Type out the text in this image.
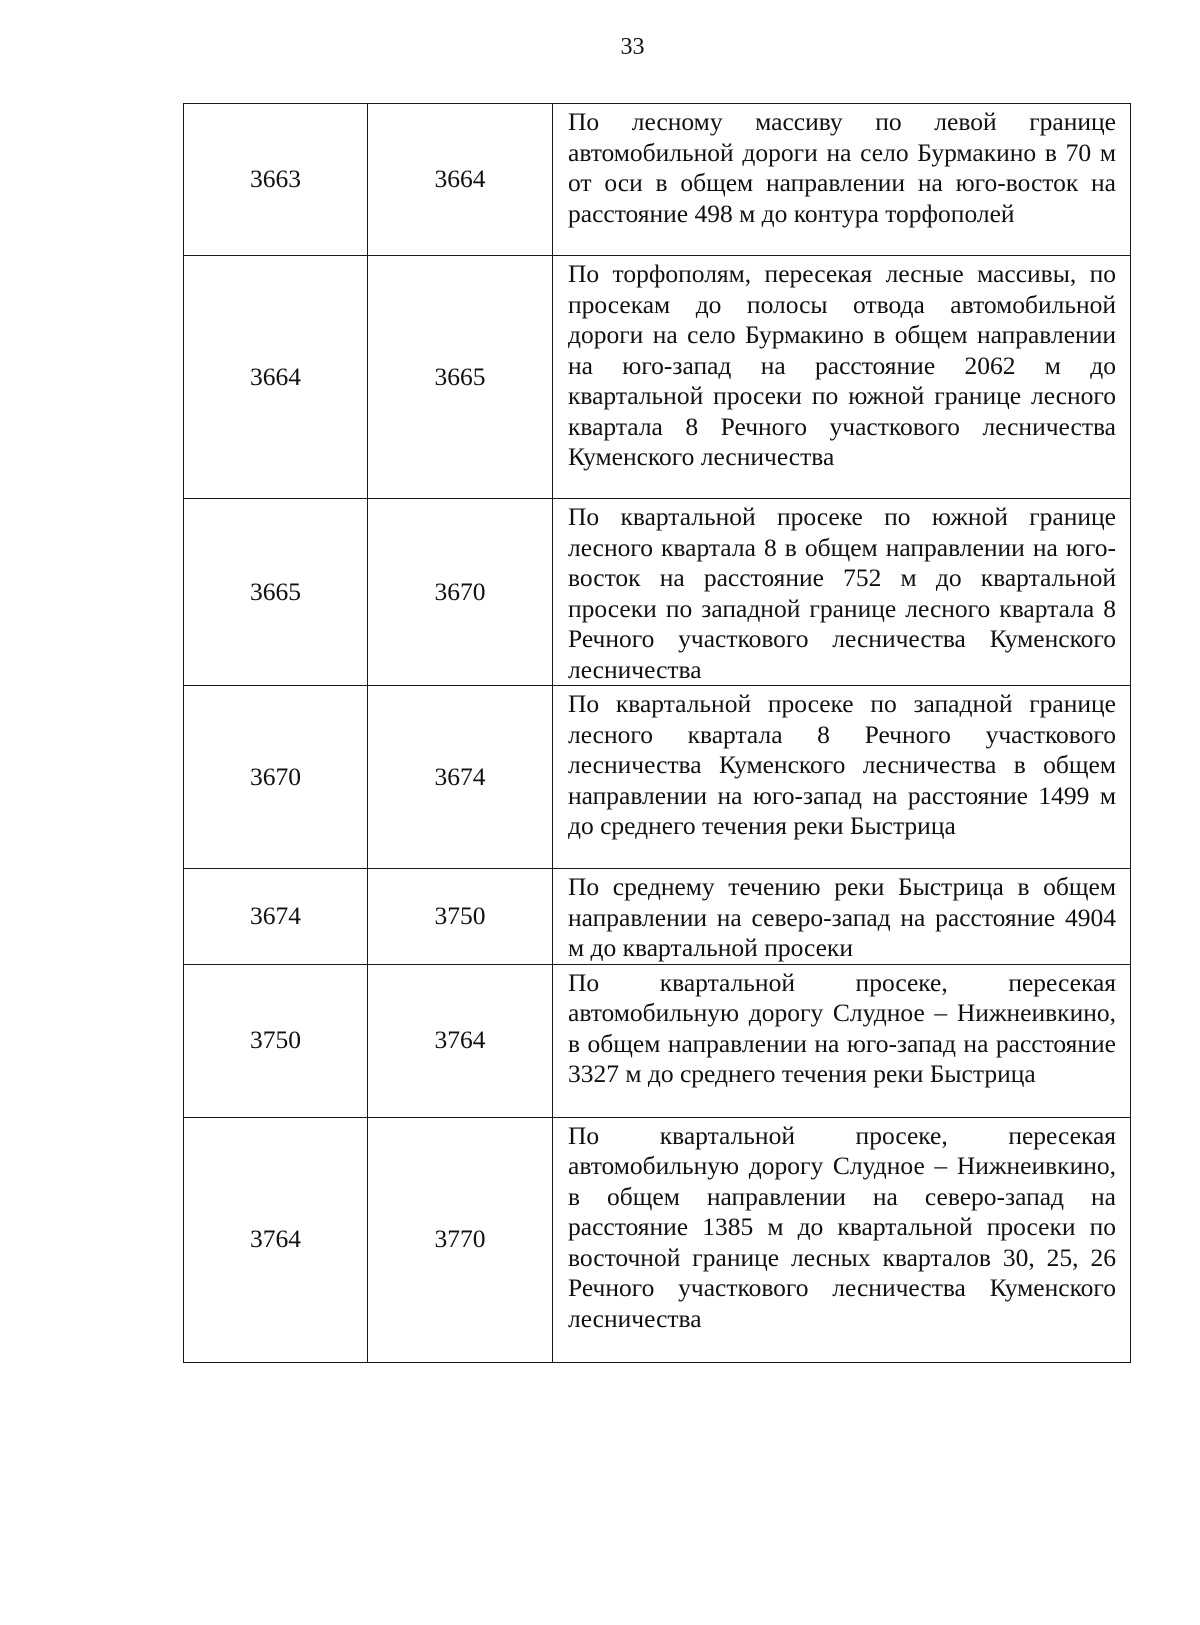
33
3663	3664	По лесному массиву по левой границе автомобильной дороги на село Бурмакино в 70 м от оси в общем направлении на юго-восток на расстояние 498 м до контура торфополей
3664	3665	По торфополям, пересекая лесные массивы, по просекам до полосы отвода автомобильной дороги на село Бурмакино в общем направлении на юго-запад на расстояние 2062 м до квартальной просеки по южной границе лесного квартала 8 Речного участкового лесничества Куменского лесничества
3665	3670	По квартальной просеке по южной границе лесного квартала 8 в общем направлении на юго-восток на расстояние 752 м до квартальной просеки по западной границе лесного квартала 8 Речного участкового лесничества Куменского лесничества
3670	3674	По квартальной просеке по западной границе лесного квартала 8 Речного участкового лесничества Куменского лесничества в общем направлении на юго-запад на расстояние 1499 м до среднего течения реки Быстрица
3674	3750	По среднему течению реки Быстрица в общем направлении на северо-запад на расстояние 4904 м до квартальной просеки
3750	3764	По квартальной просеке, пересекая автомобильную дорогу Слудное – Нижнеивкино, в общем направлении на юго-запад на расстояние 3327 м до среднего течения реки Быстрица
3764	3770	По квартальной просеке, пересекая автомобильную дорогу Слудное – Нижнеивкино, в общем направлении на северо-запад на расстояние 1385 м до квартальной просеки по восточной границе лесных кварталов 30, 25, 26 Речного участкового лесничества Куменского лесничества
